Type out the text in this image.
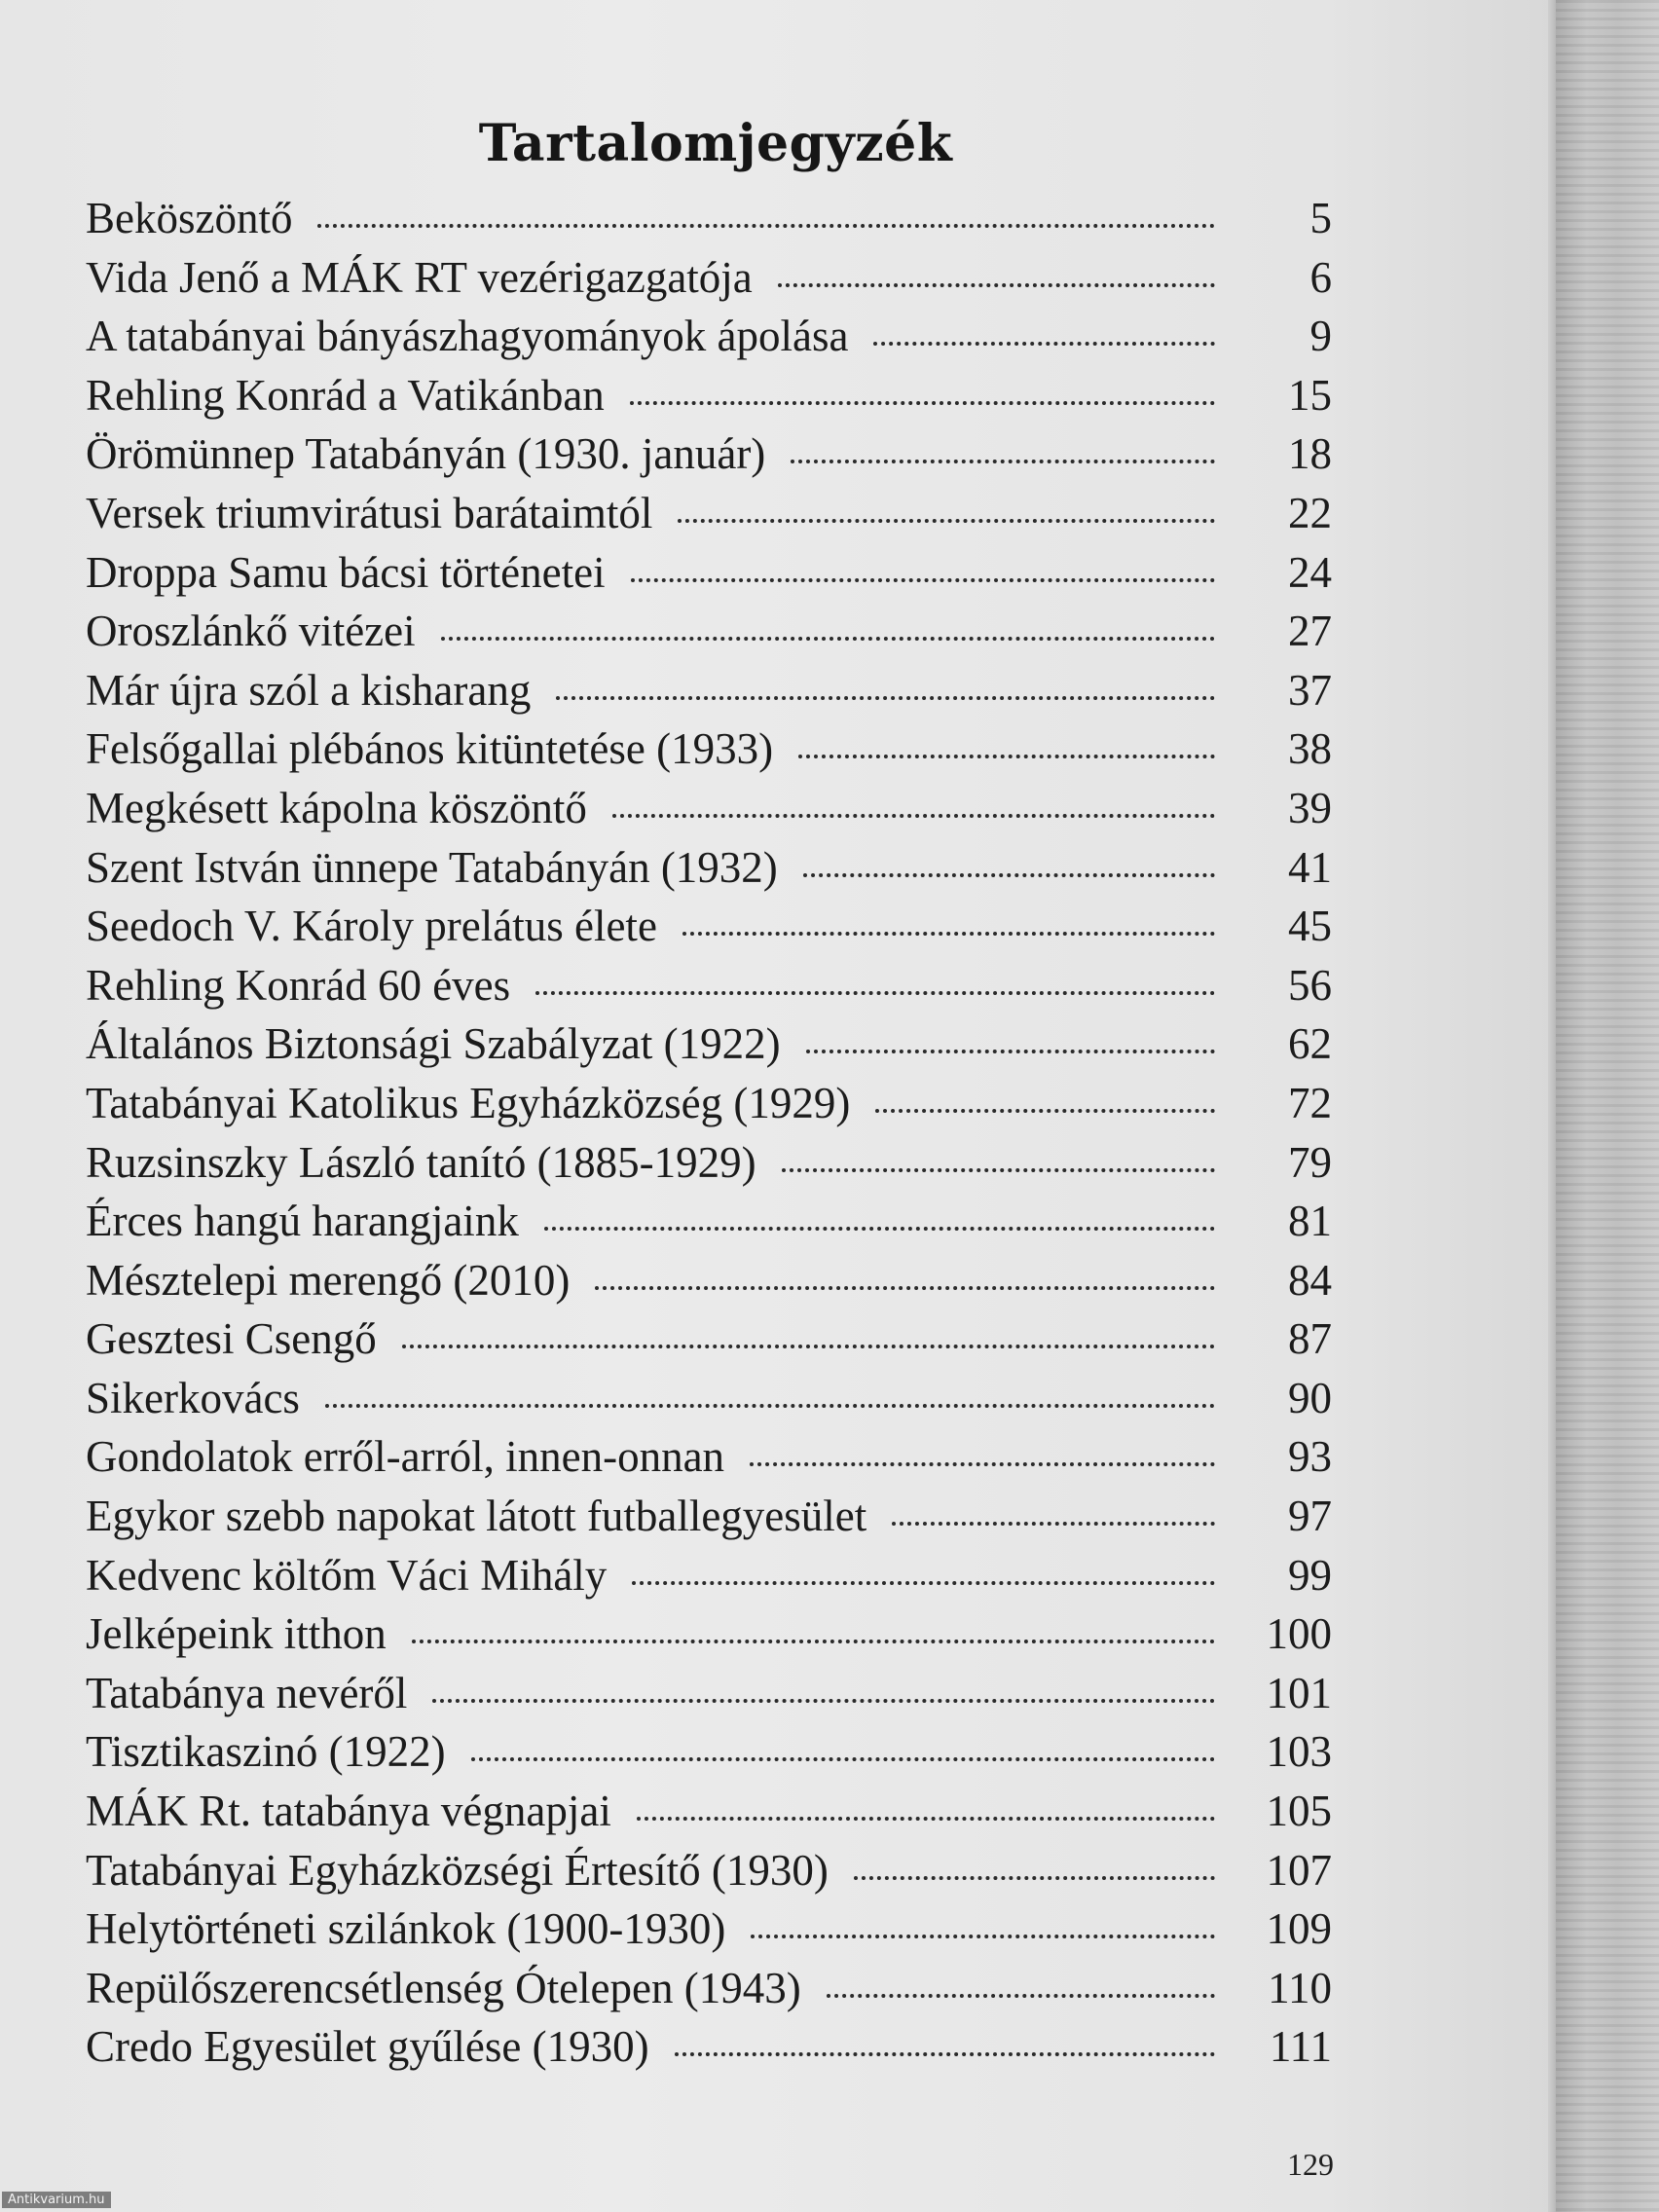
Tartalomjegyzék
Beköszöntő	5
Vida Jenő a MÁK RT vezérigazgatója	6
A tatabányai bányászhagyományok ápolása	9
Rehling Konrád a Vatikánban	15
Örömünnep Tatabányán (1930. január)	18
Versek triumvirátusi barátaimtól	22
Droppa Samu bácsi történetei	24
Oroszlánkő vitézei	27
Már újra szól a kisharang	37
Felsőgallai plébános kitüntetése (1933)	38
Megkésett kápolna köszöntő	39
Szent István ünnepe Tatabányán (1932)	41
Seedoch V. Károly prelátus élete	45
Rehling Konrád 60 éves	56
Általános Biztonsági Szabályzat (1922)	62
Tatabányai Katolikus Egyházközség (1929)	72
Ruzsinszky László tanító (1885-1929)	79
Érces hangú harangjaink	81
Mésztelepi merengő (2010)	84
Gesztesi Csengő	87
Sikerkovács	90
Gondolatok erről-arról, innen-onnan	93
Egykor szebb napokat látott futballegyesület	97
Kedvenc költőm Váci Mihály	99
Jelképeink itthon	100
Tatabánya nevéről	101
Tisztikaszinó (1922)	103
MÁK Rt. tatabánya végnapjai	105
Tatabányai Egyházközségi Értesítő (1930)	107
Helytörténeti szilánkok (1900-1930)	109
Repülőszerencsétlenség Ótelepen (1943)	110
Credo Egyesület gyűlése (1930)	111
129
Antikvarium.hu
